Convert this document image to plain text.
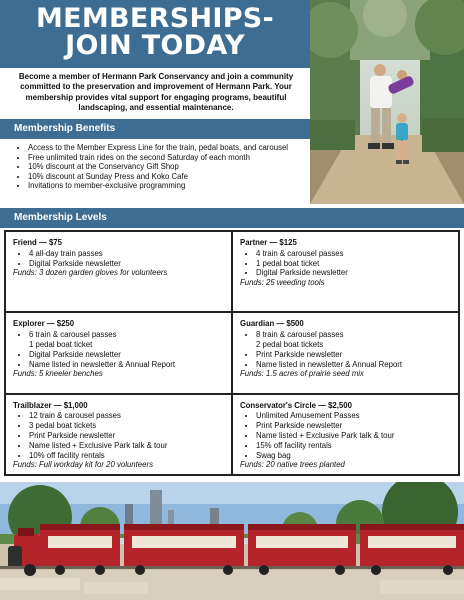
MEMBERSHIPS-
JOIN TODAY

Become a member of Hermann Park Conservancy and join a community committed to the preservation and improvement of Hermann Park. Your membership provides vital support for engaging programs, beautiful landscaping, and essential maintenance.

Membership Benefits
• Access to the Member Express Line for the train, pedal boats, and carousel
• Free unlimited train rides on the second Saturday of each month
• 10% discount at the Conservancy Gift Shop
• 10% discount at Sunday Press and Koko Cafe
• Invitations to member-exclusive programming
Membership Levels

Friend — $75

• 4 all-day train passes
• Digital Parkside newsletter

Funds: 3 dozen garden gloves for volunteers

Partner — $125

• 4 train & carousel passes
• 1 pedal boat ticket
• Digital Parkside newsletter

Funds: 25 weeding tools

Explorer — $250

• 6 train & carousel passes
1 pedal boat ticket
• Digital Parkside newsletter
• Name listed in newsletter & Annual Report

Funds: 5 kneeler benches

Guardian — $500

• 8 train & carousel passes
2 pedal boat tickets
• Print Parkside newsletter
• Name listed in newsletter & Annual Report

Funds: 1.5 acres of prairie seed mix

Trailblazer — $1,000

• 12 train & carousel passes
• 3 pedal boat tickets
• Print Parkside newsletter
• Name listed + Exclusive Park talk & tour
• 10% off facility rentals

Funds: Full workday kit for 20 volunteers

Conservator's Circle — $2,500

• Unlimited Amusement Passes
• Print Parkside newsletter
• Name listed + Exclusive Park talk & tour
• 15% off facility rentals
• Swag bag

Funds: 20 native trees planted
